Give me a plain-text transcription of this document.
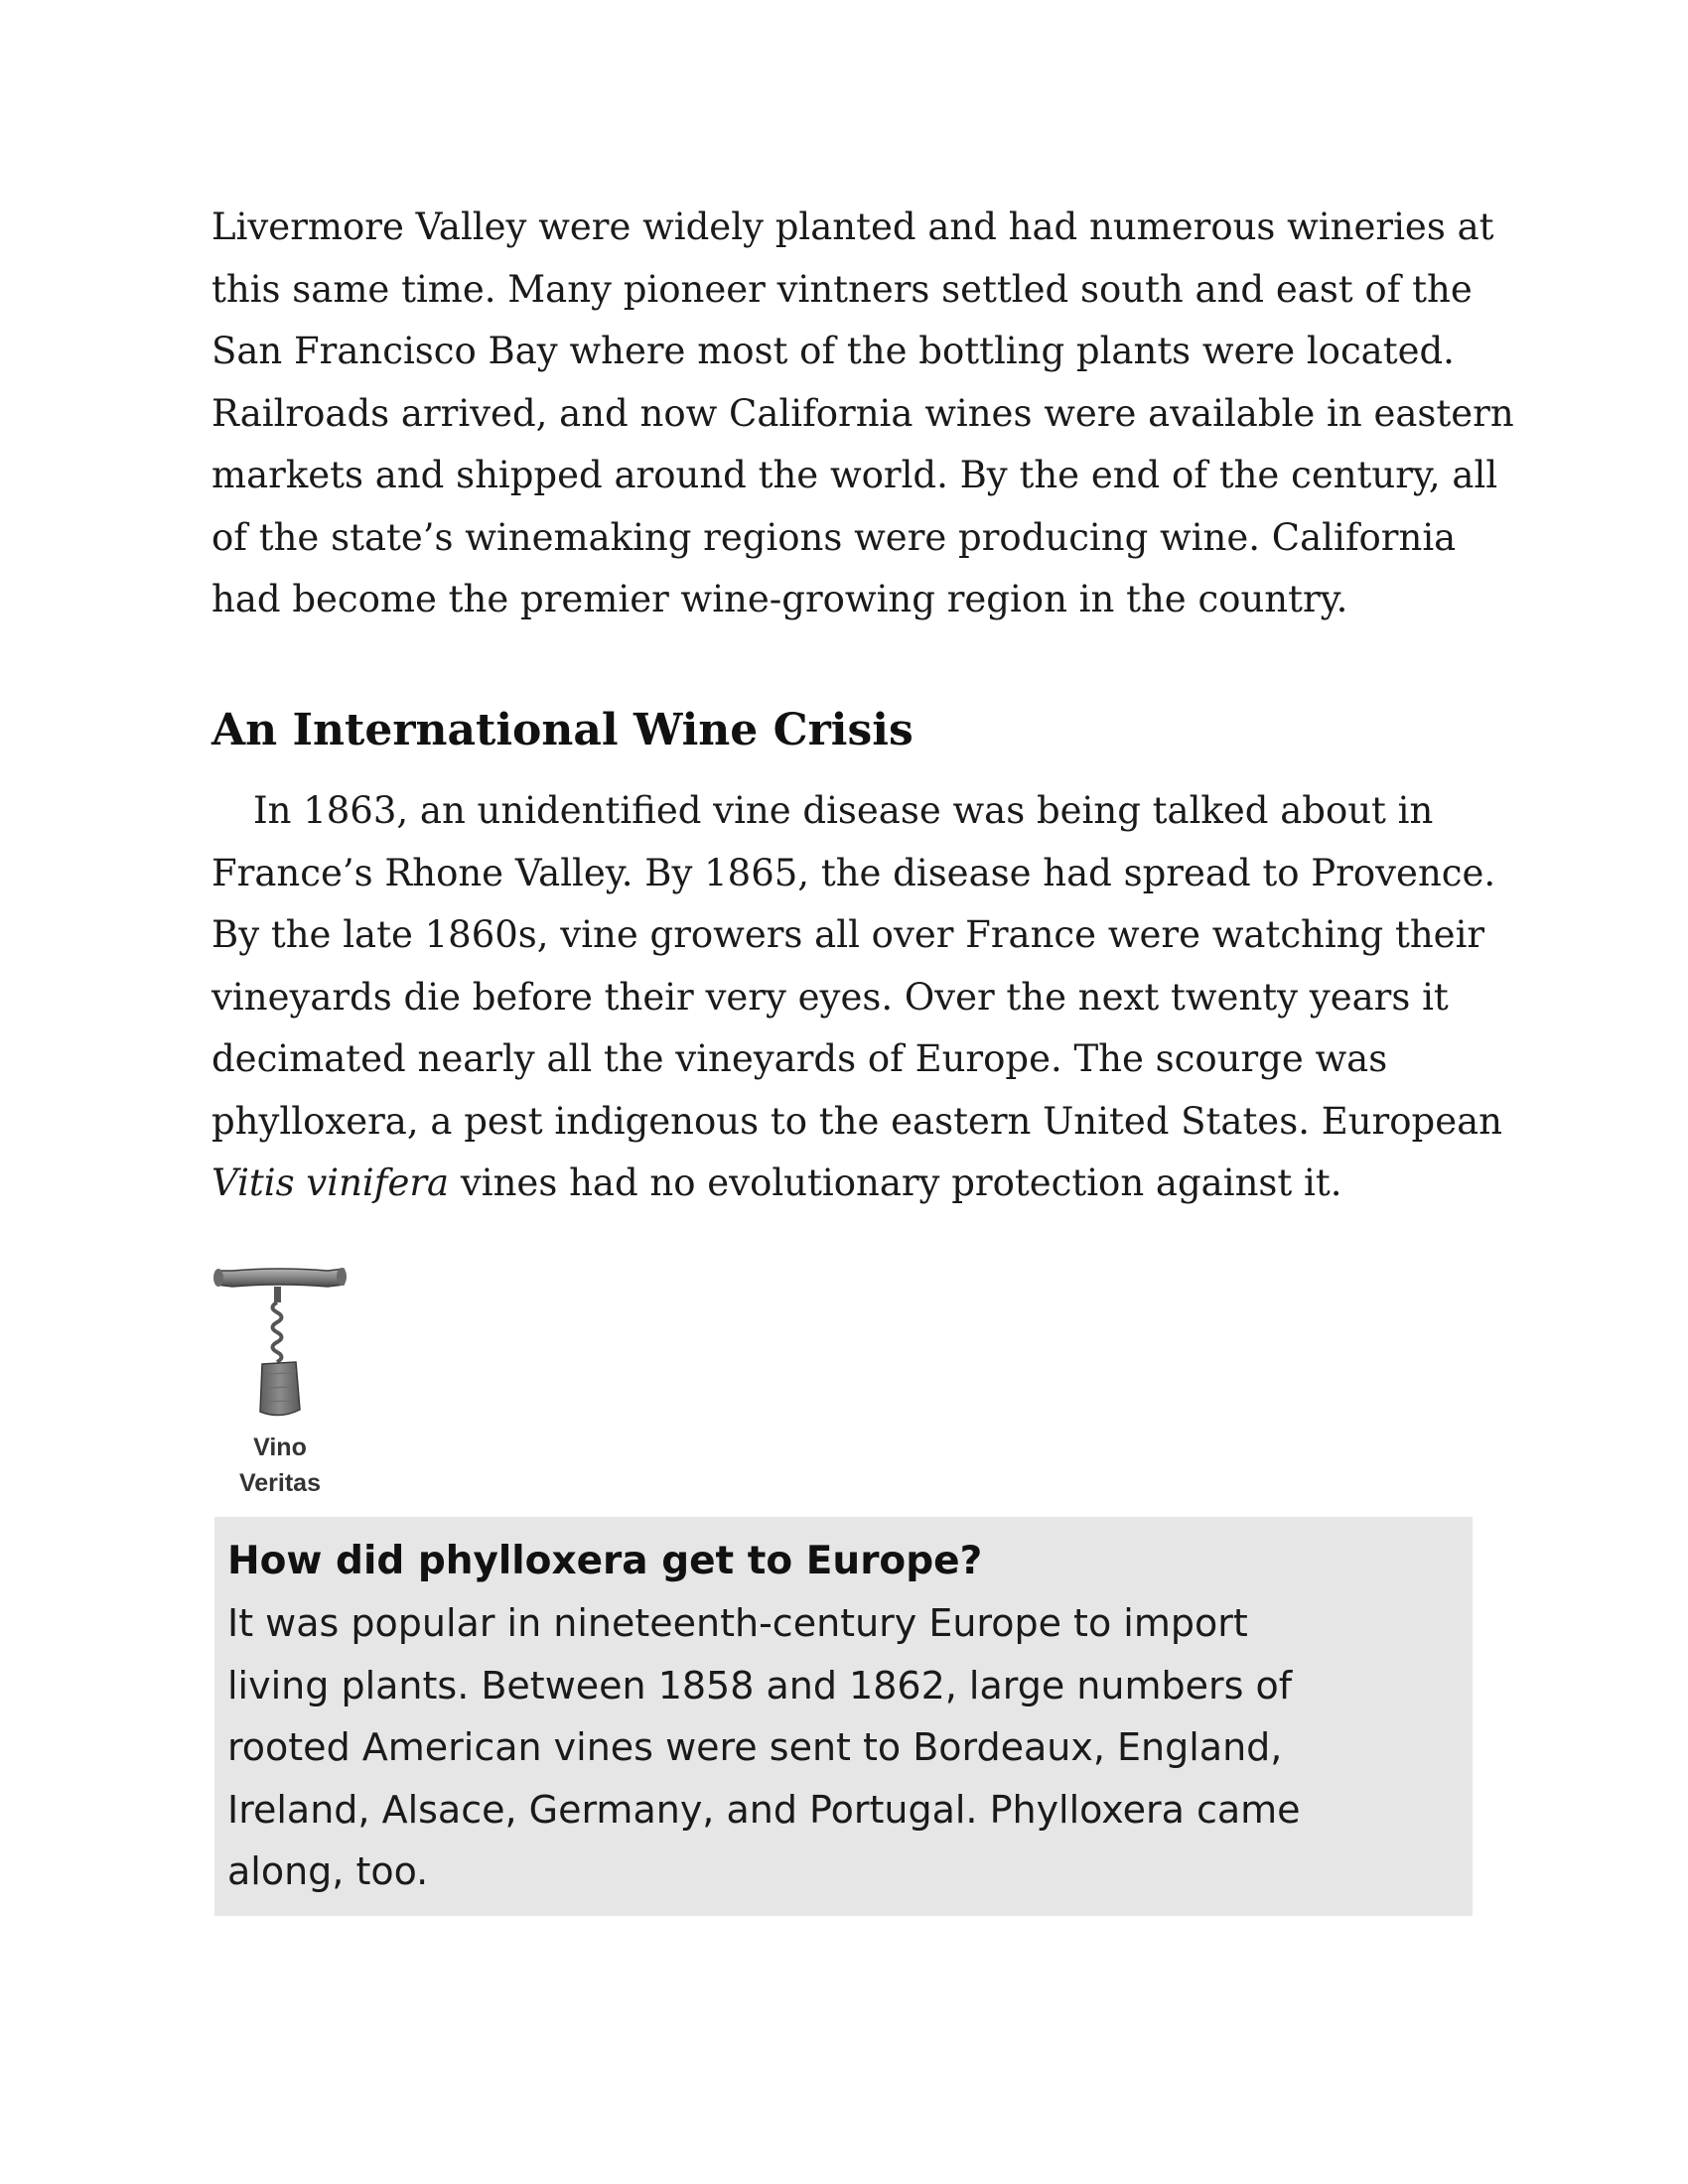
Livermore Valley were widely planted and had numerous wineries at
this same time. Many pioneer vintners settled south and east of the
San Francisco Bay where most of the bottling plants were located.
Railroads arrived, and now California wines were available in eastern
markets and shipped around the world. By the end of the century, all
of the state’s winemaking regions were producing wine. California
had become the premier wine-growing region in the country.

An International Wine Crisis

In 1863, an unidentified vine disease was being talked about in
France’s Rhone Valley. By 1865, the disease had spread to Provence.
By the late 1860s, vine growers all over France were watching their
vineyards die before their very eyes. Over the next twenty years it
decimated nearly all the vineyards of Europe. The scourge was
phylloxera, a pest indigenous to the eastern United States. European
Vitis vinifera vines had no evolutionary protection against it.

Vino
Veritas
How did phylloxera get to Europe?

It was popular in nineteenth-century Europe to import
living plants. Between 1858 and 1862, large numbers of
rooted American vines were sent to Bordeaux, England,
Ireland, Alsace, Germany, and Portugal. Phylloxera came
along, too.
